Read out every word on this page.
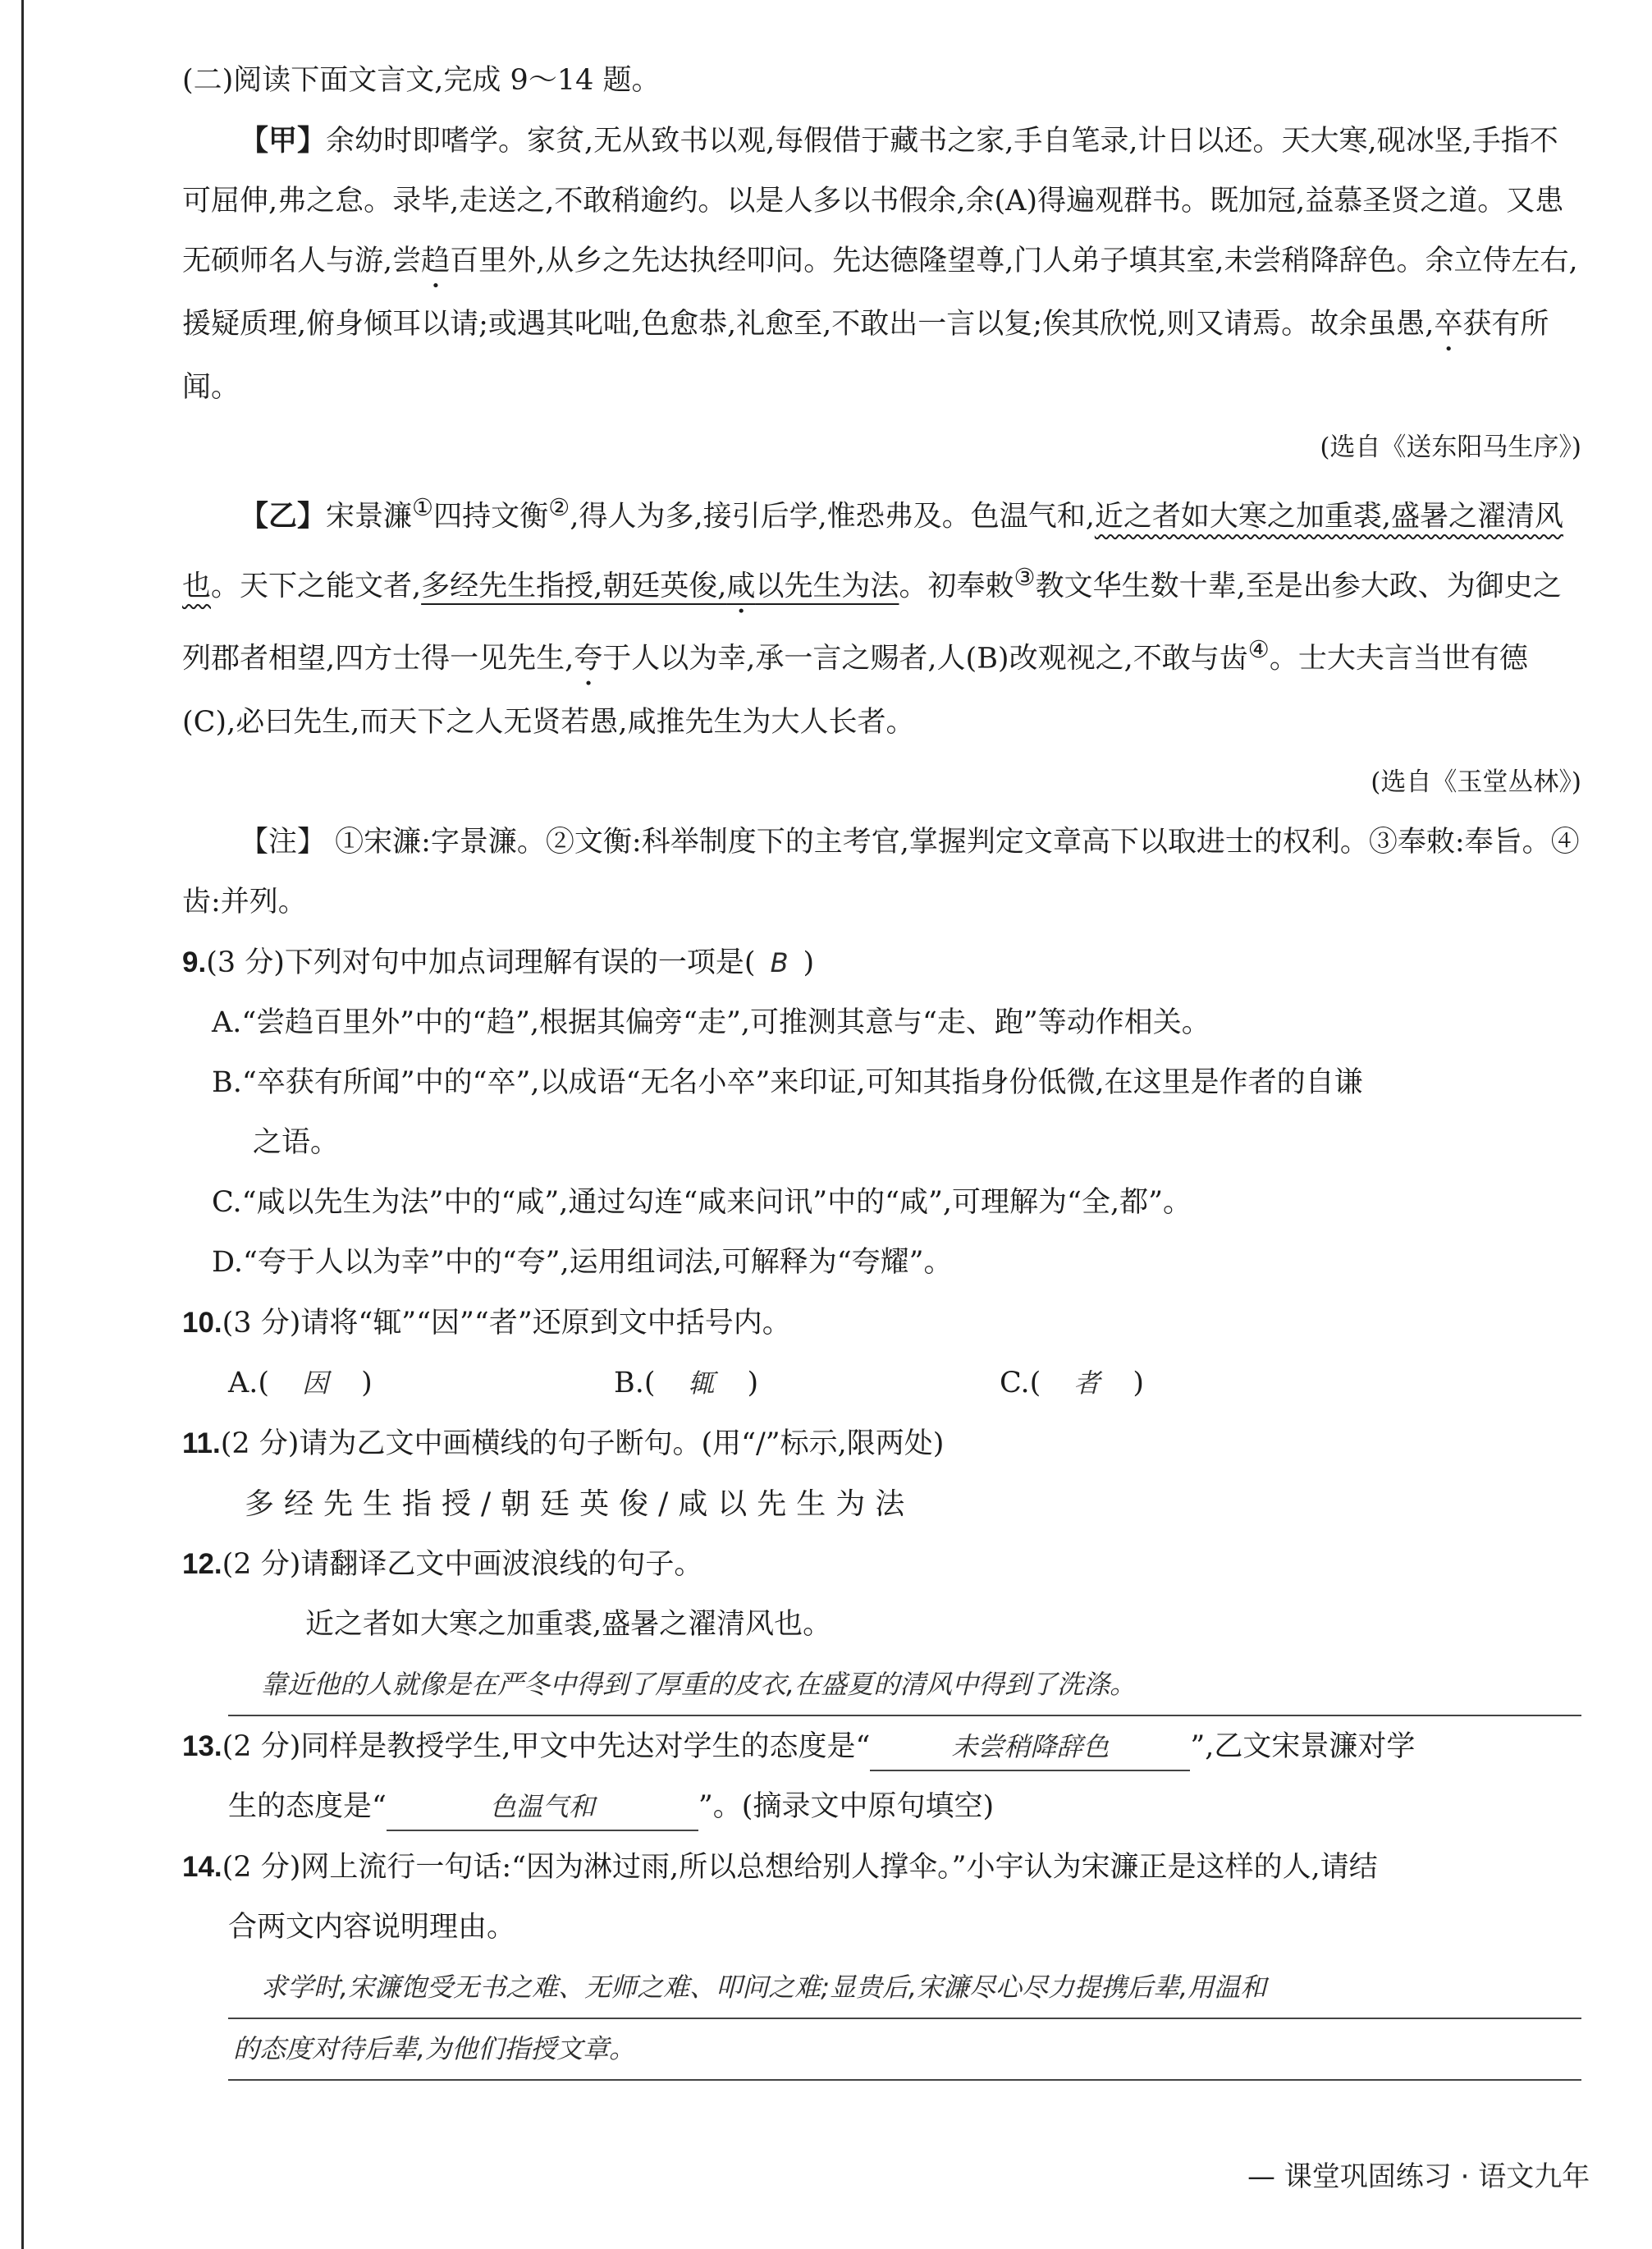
(二)阅读下面文言文,完成 9～14 题。

【甲】余幼时即嗜学。家贫,无从致书以观,每假借于藏书之家,手自笔录,计日以还。天大寒,砚冰坚,手指不可屈伸,弗之怠。录毕,走送之,不敢稍逾约。以是人多以书假余,余(A)得遍观群书。既加冠,益慕圣贤之道。又患无硕师名人与游,尝趋百里外,从乡之先达执经叩问。先达德隆望尊,门人弟子填其室,未尝稍降辞色。余立侍左右,援疑质理,俯身倾耳以请;或遇其叱咄,色愈恭,礼愈至,不敢出一言以复;俟其欣悦,则又请焉。故余虽愚,卒获有所闻。

(选自《送东阳马生序》)

【乙】宋景濂①四持文衡②,得人为多,接引后学,惟恐弗及。色温气和,近之者如大寒之加重裘,盛暑之濯清风也。天下之能文者,多经先生指授,朝廷英俊,咸以先生为法。初奉敕③教文华生数十辈,至是出参大政、为御史之列郡者相望,四方士得一见先生,夸于人以为幸,承一言之赐者,人(B)改观视之,不敢与齿④。士大夫言当世有德(C),必曰先生,而天下之人无贤若愚,咸推先生为大人长者。

(选自《玉堂丛林》)

【注】 ①宋濂:字景濂。②文衡:科举制度下的主考官,掌握判定文章高下以取进士的权利。③奉敕:奉旨。④齿:并列。

9.(3 分)下列对句中加点词理解有误的一项是( B )

A.“尝趋百里外”中的“趋”,根据其偏旁“走”,可推测其意与“走、跑”等动作相关。

B.“卒获有所闻”中的“卒”,以成语“无名小卒”来印证,可知其指身份低微,在这里是作者的自谦

之语。

C.“咸以先生为法”中的“咸”,通过勾连“咸来问讯”中的“咸”,可理解为“全,都”。

D.“夸于人以为幸”中的“夸”,运用组词法,可解释为“夸耀”。

10.(3 分)请将“辄”“因”“者”还原到文中括号内。

A.( 因 )	B.( 辄 )	C.( 者 )

11.(2 分)请为乙文中画横线的句子断句。(用“/”标示,限两处)

多经先生指授/朝廷英俊/咸以先生为法

12.(2 分)请翻译乙文中画波浪线的句子。

近之者如大寒之加重裘,盛暑之濯清风也。

靠近他的人就像是在严冬中得到了厚重的皮衣,在盛夏的清风中得到了洗涤。

13.(2 分)同样是教授学生,甲文中先达对学生的态度是“	未尝稍降辞色	”,乙文宋景濂对学

生的态度是“	色温气和	”。(摘录文中原句填空)

14.(2 分)网上流行一句话:“因为淋过雨,所以总想给别人撑伞。”小宇认为宋濂正是这样的人,请结

合两文内容说明理由。

求学时,宋濂饱受无书之难、无师之难、叩问之难;显贵后,宋濂尽心尽力提携后辈,用温和

的态度对待后辈,为他们指授文章。

— 课堂巩固练习 · 语文九年
